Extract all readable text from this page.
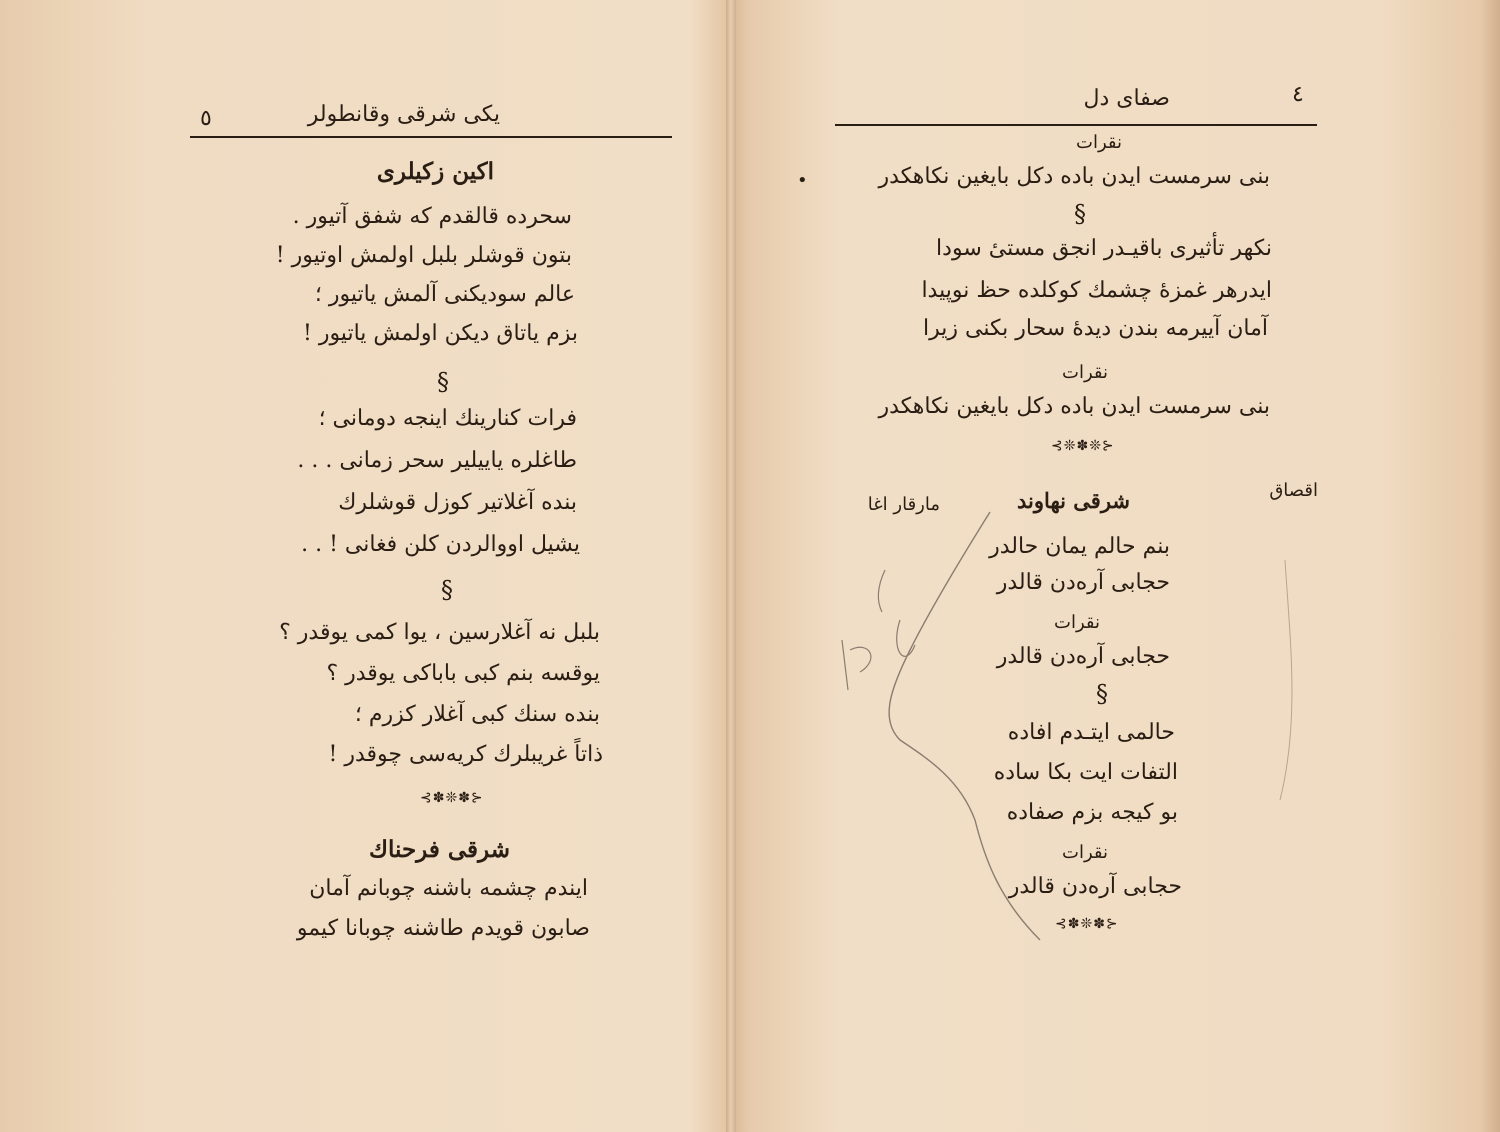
یکی شرقی وقانطولر
٥
اکین زکیلری
سحرده قالقدم که شفق آتیور .
بتون قوشلر بلبل اولمش اوتیور !
عالم سودیکنی آلمش یاتیور ؛
بزم یاتاق دیکن اولمش یاتیور !
§
فرات کنارینك اینجه دومانی ؛
طاغلره یاییلیر سحر زمانی . . .
بنده آغلاتیر کوزل قوشلرك
یشیل اووالردن کلن فغانی ! . .
§
بلبل نه آغلارسین ، یوا کمی یوقدر ؟
یوقسه بنم کبی باباکی یوقدر ؟
بنده سنك کبی آغلار کزرم ؛
ذاتاً غریبلرك کریه‌سی چوقدر !
⊰✽❊✽⊱
شرقی فرحناك
ایندم چشمه باشنه چوبانم آمان
صابون قویدم طاشنه چوبانا کیمو
صفای دل	٤
نقرات
بنی سرمست ایدن باده دکل بایغین نکاهکدر
§
نکهر تأثیری باقیـدر انجق مستیٔ سودا
ایدرهر غمزهٔ چشمك کوکلده حظ نوپیدا
آمان آییرمه بندن دیدهٔ سحار بکنی زیرا
نقرات
بنی سرمست ایدن باده دکل بایغین نکاهکدر
⊰❊✽❊⊱
اقصاق
شرقی نهاوند
مارقار اغا
بنم حالم یمان حالدر
حجابی آره‌دن قالدر
نقرات
حجابی آره‌دن قالدر
§
حالمی ایتـدم افاده
التفات ایت بکا ساده
بو کیجه بزم صفاده
نقرات
حجابی آره‌دن قالدر
⊰✽❊✽⊱
•
